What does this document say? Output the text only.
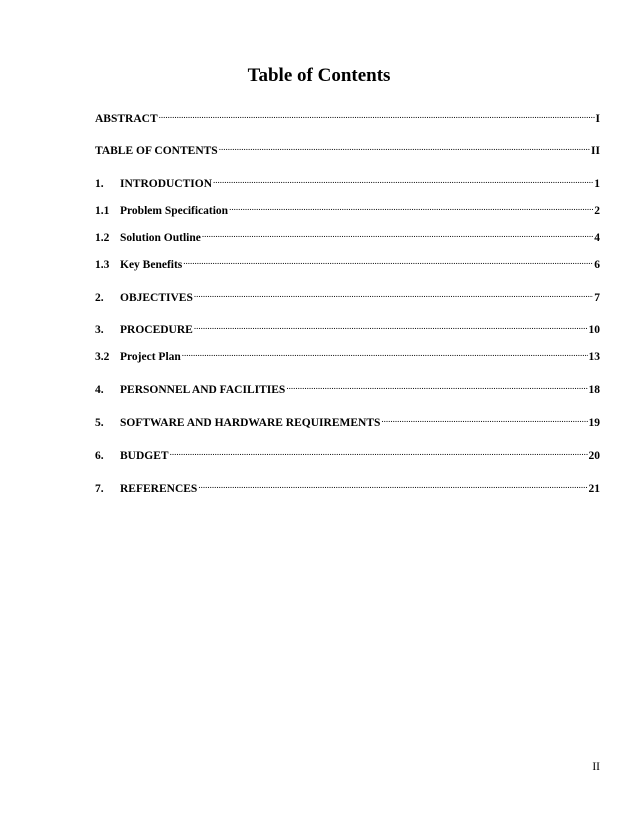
Table of Contents
ABSTRACT .....	I
TABLE OF CONTENTS .....	II
1.	INTRODUCTION .....	1
1.1 Problem Specification .....	2
1.2 Solution Outline .....	4
1.3 Key Benefits .....	6
2.	OBJECTIVES .....	7
3.	PROCEDURE .....	10
3.2 Project Plan .....	13
4.	PERSONNEL AND FACILITIES .....	18
5.	SOFTWARE AND HARDWARE REQUIREMENTS .....	19
6.	BUDGET .....	20
7.	REFERENCES .....	21
II
